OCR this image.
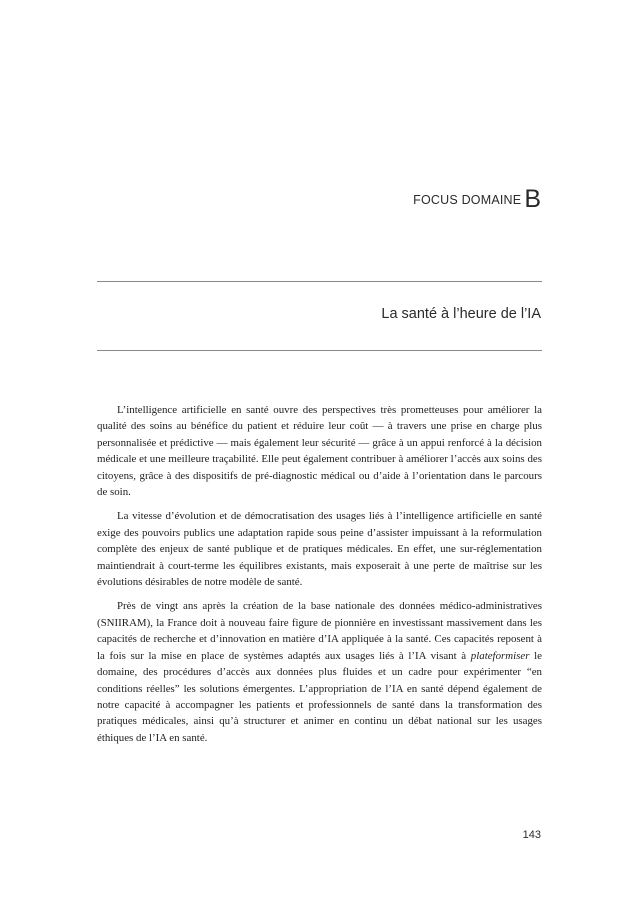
FOCUS DOMAINE B
La santé à l’heure de l’IA

L’intelligence artificielle en santé ouvre des perspectives très prometteuses pour améliorer la qualité des soins au bénéfice du patient et réduire leur coût — à travers une prise en charge plus personnalisée et prédictive — mais également leur sécurité — grâce à un appui renforcé à la décision médicale et une meilleure traçabilité. Elle peut également contribuer à améliorer l’accès aux soins des citoyens, grâce à des dispositifs de pré-diagnostic médical ou d’aide à l’orientation dans le parcours de soin.

La vitesse d’évolution et de démocratisation des usages liés à l’intelligence artificielle en santé exige des pouvoirs publics une adaptation rapide sous peine d’assister impuissant à la reformulation complète des enjeux de santé publique et de pratiques médicales. En effet, une sur-réglementation maintiendrait à court-terme les équilibres existants, mais exposerait à une perte de maîtrise sur les évolutions désirables de notre modèle de santé.

Près de vingt ans après la création de la base nationale des données médico-administratives (SNIIRAM), la France doit à nouveau faire figure de pionnière en investissant massivement dans les capacités de recherche et d’innovation en matière d’IA appliquée à la santé. Ces capacités reposent à la fois sur la mise en place de systèmes adaptés aux usages liés à l’IA visant à plateformiser le domaine, des procédures d’accès aux données plus fluides et un cadre pour expérimenter “en conditions réelles” les solutions émergentes. L’appropriation de l’IA en santé dépend également de notre capacité à accompagner les patients et professionnels de santé dans la transformation des pratiques médicales, ainsi qu’à structurer et animer en continu un débat national sur les usages éthiques de l’IA en santé.

143
